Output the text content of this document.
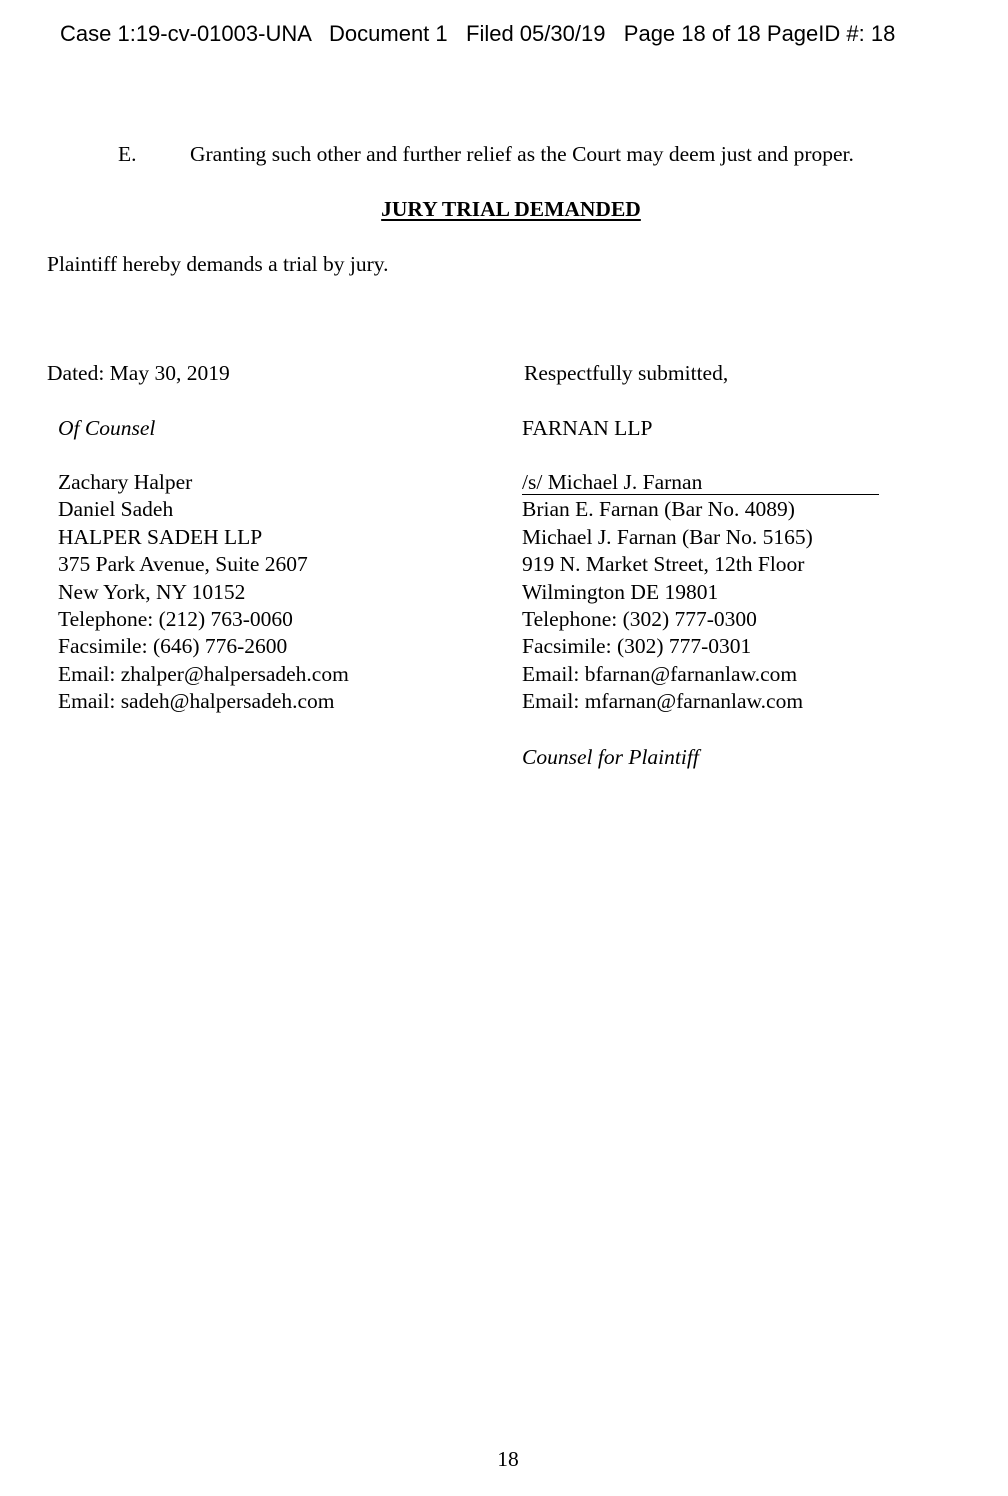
Case 1:19-cv-01003-UNA Document 1 Filed 05/30/19 Page 18 of 18 PageID #: 18
E. Granting such other and further relief as the Court may deem just and proper.
JURY TRIAL DEMANDED
Plaintiff hereby demands a trial by jury.
Dated: May 30, 2019	Respectfully submitted,
Of Counsel	FARNAN LLP
Zachary Halper
Daniel Sadeh
HALPER SADEH LLP
375 Park Avenue, Suite 2607
New York, NY 10152
Telephone: (212) 763-0060
Facsimile: (646) 776-2600
Email: zhalper@halpersadeh.com
Email: sadeh@halpersadeh.com
/s/ Michael J. Farnan
Brian E. Farnan (Bar No. 4089)
Michael J. Farnan (Bar No. 5165)
919 N. Market Street, 12th Floor
Wilmington DE 19801
Telephone: (302) 777-0300
Facsimile: (302) 777-0301
Email: bfarnan@farnanlaw.com
Email: mfarnan@farnanlaw.com
Counsel for Plaintiff
18
